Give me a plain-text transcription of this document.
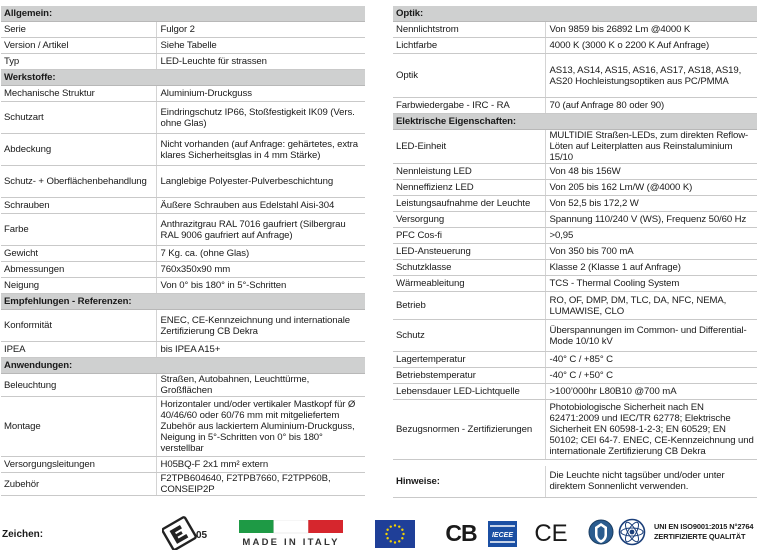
Allgemein:	
Serie	Fulgor 2
Version / Artikel	Siehe Tabelle
Typ	LED-Leuchte für strassen
Werkstoffe:	
Mechanische Struktur	Aluminium-Druckguss
Schutzart	Eindringschutz IP66, Stoßfestigkeit IK09 (Vers. ohne Glas)
Abdeckung	Nicht vorhanden (auf Anfrage: gehärtetes, extra klares Sicherheitsglas in 4 mm Stärke)
Schutz- + Oberflächenbehandlung	Langlebige Polyester-Pulverbeschichtung
Schrauben	Äußere Schrauben aus Edelstahl Aisi-304
Farbe	Anthrazitgrau RAL 7016 gaufriert (Silbergrau RAL 9006 gaufriert auf Anfrage)
Gewicht	7 Kg. ca. (ohne Glas)
Abmessungen	760x350x90 mm
Neigung	Von 0° bis 180° in 5°-Schritten
Empfehlungen - Referenzen:	
Konformität	ENEC, CE-Kennzeichnung und internationale Zertifizierung CB Dekra
IPEA	bis IPEA A15+
Anwendungen:	
Beleuchtung	Straßen, Autobahnen, Leuchttürme, Großflächen
Montage	Horizontaler und/oder vertikaler Mastkopf für Ø 40/46/60 oder 60/76 mm mit mitgeliefertem Zubehör aus lackiertem Aluminium-Druckguss, Neigung in 5°-Schritten von 0° bis 180° verstellbar
Versorgungsleitungen	H05BQ-F 2x1 mm² extern
Zubehör	F2TPB604640, F2TPB7660, F2TPP60B, CONSEIP2P
Optik:	
Nennlichtstrom	Von 9859 bis 26892 Lm @4000 K
Lichtfarbe	4000 K (3000 K o 2200 K Auf Anfrage)
Optik	AS13, AS14, AS15, AS16, AS17, AS18, AS19, AS20 Hochleistungsoptiken aus PC/PMMA
Farbwiedergabe - IRC - RA	70 (auf Anfrage 80 oder 90)
Elektrische Eigenschaften:	
LED-Einheit	MULTIDIE Straßen-LEDs, zum direkten Reflow-Löten auf Leiterplatten aus Reinstaluminium 15/10
Nennleistung LED	Von 48 bis 156W
Nenneffizienz LED	Von 205 bis 162 Lm/W (@4000 K)
Leistungsaufnahme der Leuchte	Von 52,5 bis 172,2 W
Versorgung	Spannung 110/240 V (WS), Frequenz 50/60 Hz
PFC Cos-fi	>0,95
LED-Ansteuerung	Von 350 bis 700 mA
Schutzklasse	Klasse 2 (Klasse 1 auf Anfrage)
Wärmeableitung	TCS - Thermal Cooling System
Betrieb	RO, OF, DMP, DM, TLC, DA, NFC, NEMA, LUMAWISE, CLO
Schutz	Überspannungen im Common- und Differential-Mode 10/10 kV
Lagertemperatur	-40° C / +85° C
Betriebstemperatur	-40° C / +50° C
Lebensdauer LED-Lichtquelle	>100’000hr L80B10 @700 mA
Bezugsnormen - Zertifizierungen	Photobiologische Sicherheit nach EN 62471:2009 und IEC/TR 62778; Elektrische Sicherheit EN 60598-1-2-3; EN 60529; EN 50102; CEI 64-7. ENEC, CE-Kennzeichnung und internationale Zertifizierung CB Dekra

Hinweise:	Die Leuchte nicht tagsüber und/oder unter direktem Sonnenlicht verwenden.
Zeichen:	05
MADE IN ITALY	CB	IECEE CE	UNI EN ISO9001:2015 N°2764 ZERTIFIZIERTE QUALITÄT
